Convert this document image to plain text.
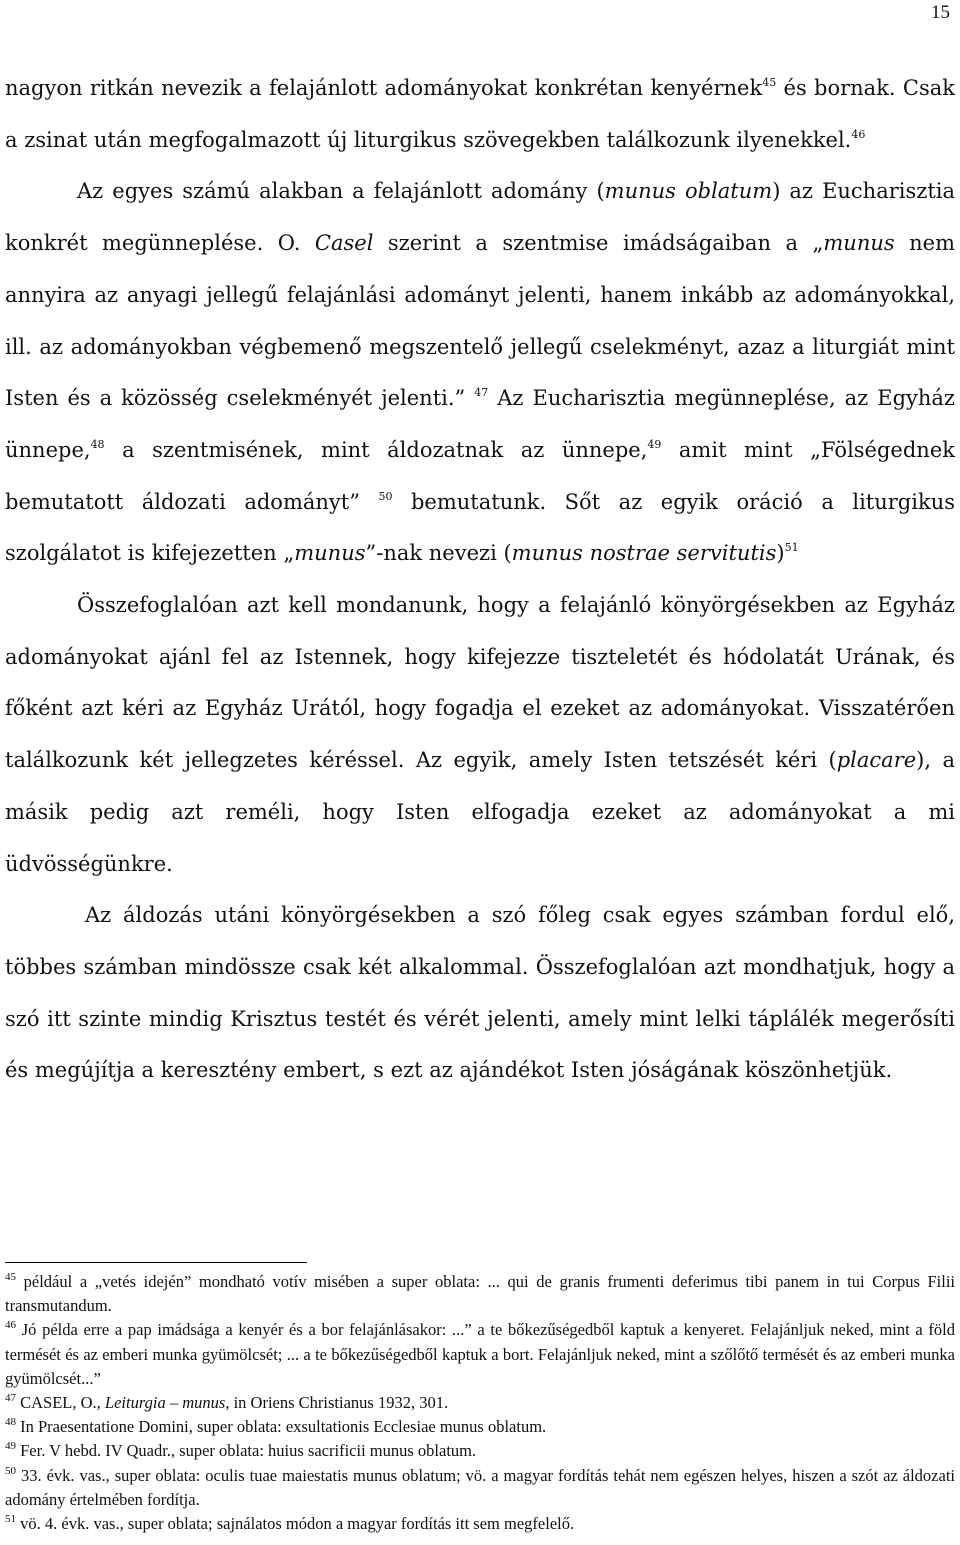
15

nagyon ritkán nevezik a felajánlott adományokat konkrétan kenyérnek$^{45}$ és bornak. Csak a zsinat után megfogalmazott új liturgikus szövegekben találkozunk ilyenekkel.$^{46}$

Az egyes számú alakban a felajánlott adomány (munus oblatum) az Eucharisztia konkrét megünneplése. O. Casel szerint a szentmise imádságaiban a „munus nem annyira az anyagi jellegű felajánlási adományt jelenti, hanem inkább az adományokkal, ill. az adományokban végbemenő megszentelő jellegű cselekményt, azaz a liturgiát mint Isten és a közösség cselekményét jelenti.” $^{47}$ Az Eucharisztia megünneplése, az Egyház ünnepe,$^{48}$ a szentmisének, mint áldozatnak az ünnepe,$^{49}$ amit mint „Fölségednek bemutatott áldozati adományt” $^{50}$ bemutatunk. Sőt az egyik oráció a liturgikus szolgálatot is kifejezetten „munus”-nak nevezi (munus nostrae servitutis)$^{51}$

Összefoglalóan azt kell mondanunk, hogy a felajánló könyörgésekben az Egyház adományokat ajánl fel az Istennek, hogy kifejezze tiszteletét és hódolatát Urának, és főként azt kéri az Egyház Urától, hogy fogadja el ezeket az adományokat. Visszatérően találkozunk két jellegzetes kéréssel. Az egyik, amely Isten tetszését kéri (placare), a másik pedig azt reméli, hogy Isten elfogadja ezeket az adományokat a mi üdvösségünkre.

Az áldozás utáni könyörgésekben a szó főleg csak egyes számban fordul elő, többes számban mindössze csak két alkalommal. Összefoglalóan azt mondhatjuk, hogy a szó itt szinte mindig Krisztus testét és vérét jelenti, amely mint lelki táplálék megerősíti és megújítja a keresztény embert, s ezt az ajándékot Isten jóságának köszönhetjük.

$^{45}$ például a „vetés idején” mondható votív misében a super oblata: ... qui de granis frumenti deferimus tibi panem in tui Corpus Filii transmutandum.

$^{46}$ Jó példa erre a pap imádsága a kenyér és a bor felajánlásakor: ...” a te bőkezűségedből kaptuk a kenyeret. Felajánljuk neked, mint a föld termését és az emberi munka gyümölcsét; ... a te bőkezűségedből kaptuk a bort. Felajánljuk neked, mint a szőlőtő termését és az emberi munka gyümölcsét...”

$^{47}$ CASEL, O., Leiturgia – munus, in Oriens Christianus 1932, 301.

$^{48}$ In Praesentatione Domini, super oblata: exsultationis Ecclesiae munus oblatum.

$^{49}$ Fer. V hebd. IV Quadr., super oblata: huius sacrificii munus oblatum.

$^{50}$ 33. évk. vas., super oblata: oculis tuae maiestatis munus oblatum; vö. a magyar fordítás tehát nem egészen helyes, hiszen a szót az áldozati adomány értelmében fordítja.

$^{51}$ vö. 4. évk. vas., super oblata; sajnálatos módon a magyar fordítás itt sem megfelelő.
